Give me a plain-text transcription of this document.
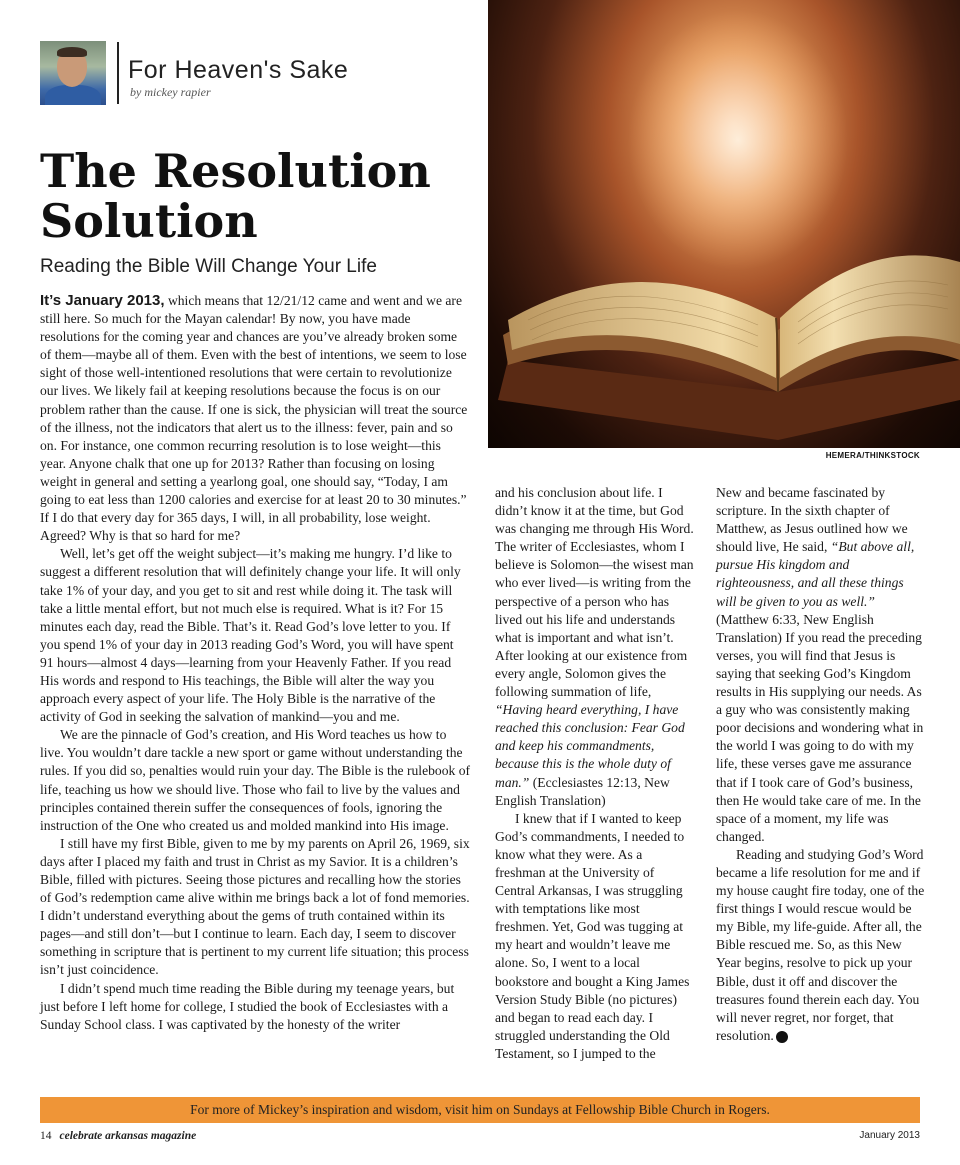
For Heaven's Sake
by mickey rapier
The Resolution Solution
Reading the Bible Will Change Your Life
HEMERA/THINKSTOCK

It’s January 2013, which means that 12/21/12 came and went and we are still here. So much for the Mayan calendar! By now, you have made resolutions for the coming year and chances are you’ve already broken some of them—maybe all of them. Even with the best of intentions, we seem to lose sight of those well-intentioned resolutions that were certain to revolutionize our lives. We likely fail at keeping resolutions because the focus is on our problem rather than the cause. If one is sick, the physician will treat the source of the illness, not the indicators that alert us to the illness: fever, pain and so on. For instance, one common recurring resolution is to lose weight—this year. Anyone chalk that one up for 2013? Rather than focusing on losing weight in general and setting a yearlong goal, one should say, “Today, I am going to eat less than 1200 calories and exercise for at least 20 to 30 minutes.” If I do that every day for 365 days, I will, in all probability, lose weight. Agreed? Why is that so hard for me?

Well, let’s get off the weight subject—it’s making me hungry. I’d like to suggest a different resolution that will definitely change your life. It will only take 1% of your day, and you get to sit and rest while doing it. The task will take a little mental effort, but not much else is required. What is it? For 15 minutes each day, read the Bible. That’s it. Read God’s love letter to you. If you spend 1% of your day in 2013 reading God’s Word, you will have spent 91 hours—almost 4 days—learning from your Heavenly Father. If you read His words and respond to His teachings, the Bible will alter the way you approach every aspect of your life. The Holy Bible is the narrative of the activity of God in seeking the salvation of mankind—you and me.

We are the pinnacle of God’s creation, and His Word teaches us how to live. You wouldn’t dare tackle a new sport or game without understanding the rules. If you did so, penalties would ruin your day. The Bible is the rulebook of life, teaching us how we should live. Those who fail to live by the values and principles contained therein suffer the consequences of fools, ignoring the instruction of the One who created us and molded mankind into His image.

I still have my first Bible, given to me by my parents on April 26, 1969, six days after I placed my faith and trust in Christ as my Savior. It is a children’s Bible, filled with pictures. Seeing those pictures and recalling how the stories of God’s redemption came alive within me brings back a lot of fond memories. I didn’t understand everything about the gems of truth contained within its pages—and still don’t—but I continue to learn. Each day, I seem to discover something in scripture that is pertinent to my current life situation; this process isn’t just coincidence.

I didn’t spend much time reading the Bible during my teenage years, but just before I left home for college, I studied the book of Ecclesiastes with a Sunday School class. I was captivated by the honesty of the writer

and his conclusion about life. I didn’t know it at the time, but God was changing me through His Word. The writer of Ecclesiastes, whom I believe is Solomon—the wisest man who ever lived—is writing from the perspective of a person who has lived out his life and understands what is important and what isn’t. After looking at our existence from every angle, Solomon gives the following summation of life, “Having heard everything, I have reached this conclusion: Fear God and keep his commandments, because this is the whole duty of man.” (Ecclesiastes 12:13, New English Translation)

I knew that if I wanted to keep God’s commandments, I needed to know what they were. As a freshman at the University of Central Arkansas, I was struggling with temptations like most freshmen. Yet, God was tugging at my heart and wouldn’t leave me alone. So, I went to a local bookstore and bought a King James Version Study Bible (no pictures) and began to read each day. I struggled understanding the Old Testament, so I jumped to the

New and became fascinated by scripture. In the sixth chapter of Matthew, as Jesus outlined how we should live, He said, “But above all, pursue His kingdom and righteousness, and all these things will be given to you as well.” (Matthew 6:33, New English Translation) If you read the preceding verses, you will find that Jesus is saying that seeking God’s Kingdom results in His supplying our needs. As a guy who was consistently making poor decisions and wondering what in the world I was going to do with my life, these verses gave me assurance that if I took care of God’s business, then He would take care of me. In the space of a moment, my life was changed.

Reading and studying God’s Word became a life resolution for me and if my house caught fire today, one of the first things I would rescue would be my Bible, my life-guide. After all, the Bible rescued me. So, as this New Year begins, resolve to pick up your Bible, dust it off and discover the treasures found therein each day. You will never regret, nor forget, that resolution. ✦

For more of Mickey’s inspiration and wisdom, visit him on Sundays at Fellowship Bible Church in Rogers.
14 celebrate arkansas magazine	January 2013
